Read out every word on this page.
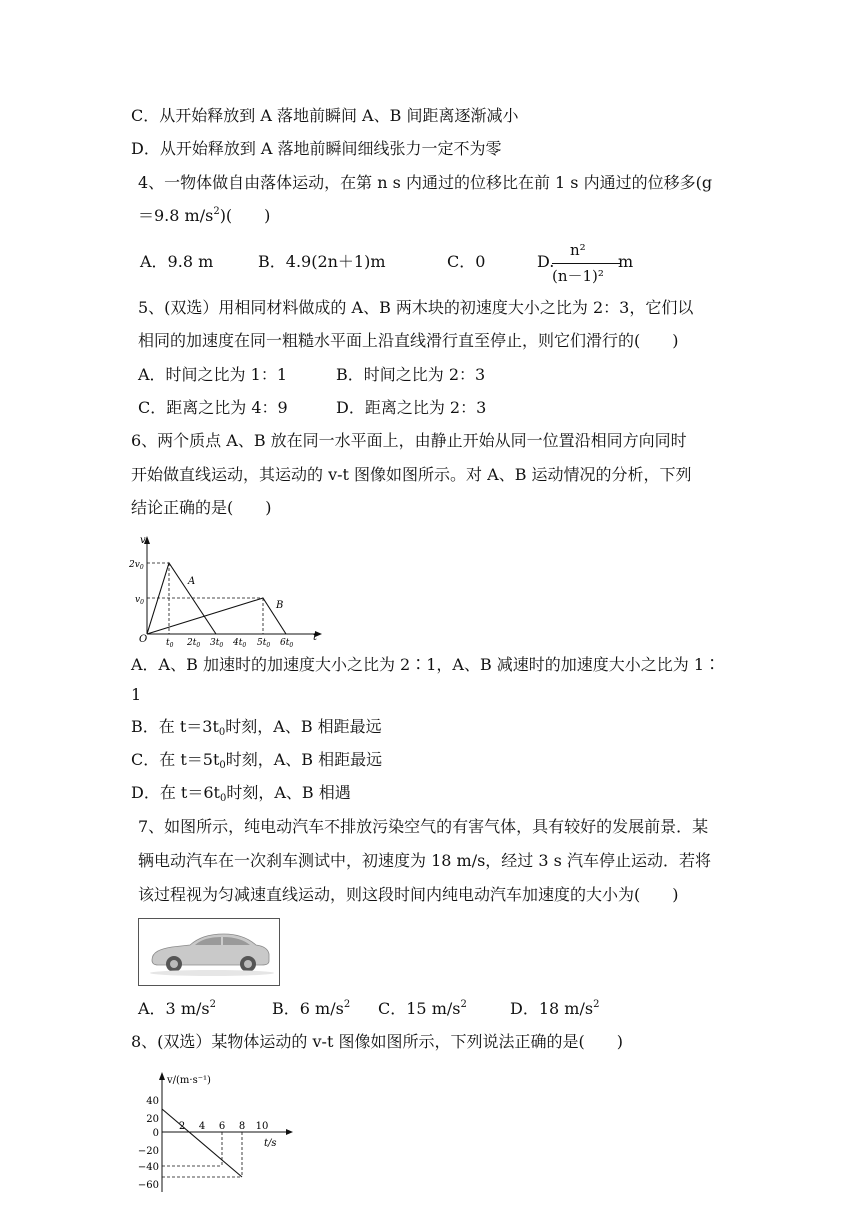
C．从开始释放到 A 落地前瞬间 A、B 间距离逐渐减小
D．从开始释放到 A 落地前瞬间细线张力一定不为零
4、一物体做自由落体运动，在第 n s 内通过的位移比在前 1 s 内通过的位移多(g
＝9.8 $m/s^2$)(　　)
A．9.8 m	B．4.9(2n＋1)m	C．0	D.
n²
(n－1)²
m
5、(双选）用相同材料做成的 A、B 两木块的初速度大小之比为 2：3，它们以
相同的加速度在同一粗糙水平面上沿直线滑行直至停止，则它们滑行的(　　)
A．时间之比为 1：1	B．时间之比为 2：3
C．距离之比为 4：9	D．距离之比为 2：3
6、两个质点 A、B 放在同一水平面上，由静止开始从同一位置沿相同方向同时
开始做直线运动，其运动的 v-t 图像如图所示。对 A、B 运动情况的分析，下列
结论正确的是(　　)
v
t
O
$2v_0$
$v_0$
A
B
$t_0$ $2t_0$ $3t_0$ $4t_0$ $5t_0$ $6t_0$
A．A、B 加速时的加速度大小之比为 2∶1，A、B 减速时的加速度大小之比为 1∶
1
B．在 $t=3t_0$时刻，A、B 相距最远
C．在 $t=5t_0$时刻，A、B 相距最远
D．在 $t=6t_0$时刻，A、B 相遇
7、如图所示，纯电动汽车不排放污染空气的有害气体，具有较好的发展前景．某
辆电动汽车在一次刹车测试中，初速度为 18 m/s，经过 3 s 汽车停止运动．若将
该过程视为匀减速直线运动，则这段时间内纯电动汽车加速度的大小为(　　)
A．3 $m/s^2$	B．6 $m/s^2$ C．15 $m/s^2$	D．18 $m/s^2$
8、(双选）某物体运动的 v-t 图像如图所示，下列说法正确的是(　　)
v/(m·s⁻¹)
t/s
40
20
0
−20
−40
−60
2 4 6 8 10
